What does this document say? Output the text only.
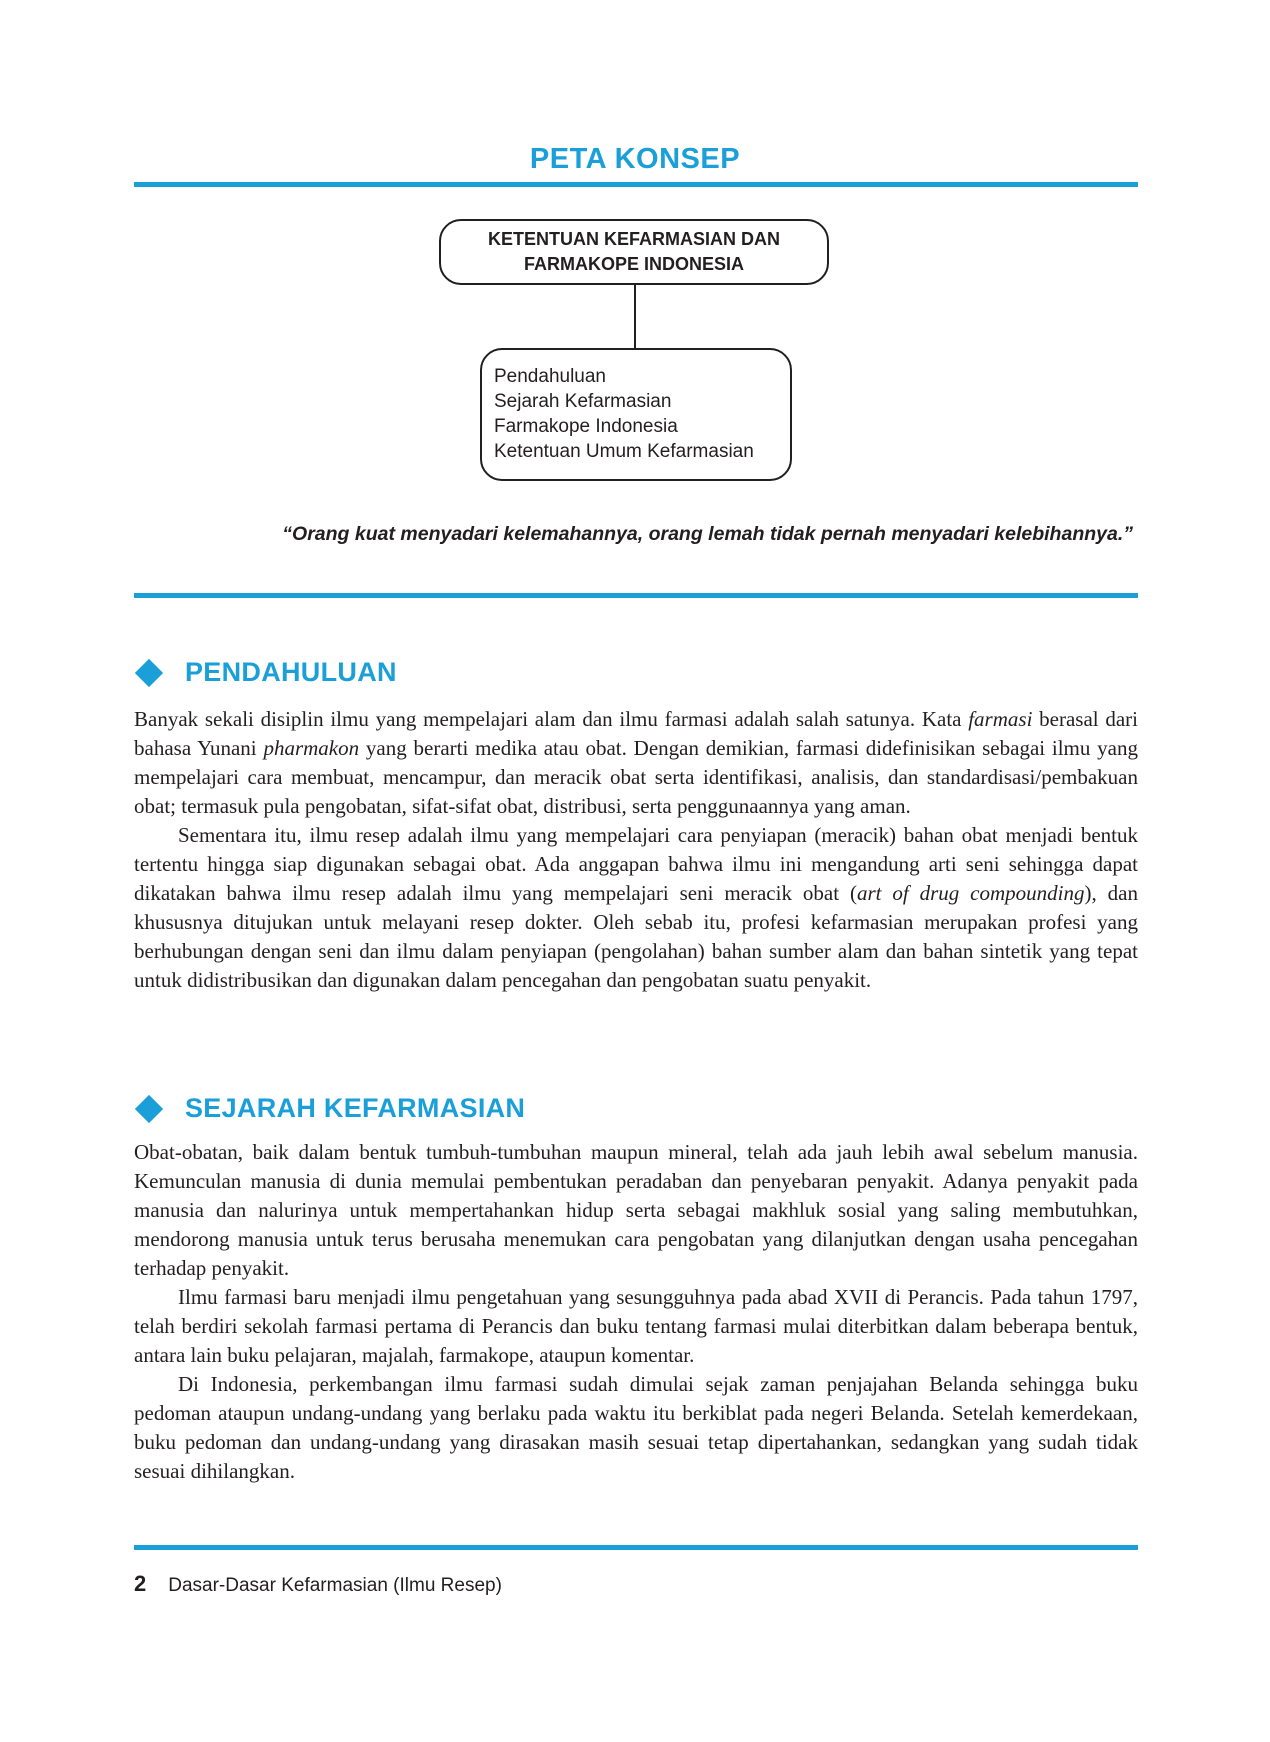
PETA KONSEP
KETENTUAN KEFARMASIAN DAN
FARMAKOPE INDONESIA
Pendahuluan
Sejarah Kefarmasian
Farmakope Indonesia
Ketentuan Umum Kefarmasian
“Orang kuat menyadari kelemahannya, orang lemah tidak pernah menyadari kelebihannya.”
PENDAHULUAN

Banyak sekali disiplin ilmu yang mempelajari alam dan ilmu farmasi adalah salah satunya. Kata farmasi berasal dari bahasa Yunani pharmakon yang berarti medika atau obat. Dengan demikian, farmasi didefinisikan sebagai ilmu yang mempelajari cara membuat, mencampur, dan meracik obat serta identifikasi, analisis, dan standardisasi/pembakuan obat; termasuk pula pengobatan, sifat-sifat obat, distribusi, serta penggunaannya yang aman.

Sementara itu, ilmu resep adalah ilmu yang mempelajari cara penyiapan (meracik) bahan obat menjadi bentuk tertentu hingga siap digunakan sebagai obat. Ada anggapan bahwa ilmu ini mengandung arti seni sehingga dapat dikatakan bahwa ilmu resep adalah ilmu yang mempelajari seni meracik obat (art of drug compounding), dan khususnya ditujukan untuk melayani resep dokter. Oleh sebab itu, profesi kefarmasian merupakan profesi yang berhubungan dengan seni dan ilmu dalam penyiapan (pengolahan) bahan sumber alam dan bahan sintetik yang tepat untuk didistribusikan dan digunakan dalam pencegahan dan pengobatan suatu penyakit.

SEJARAH KEFARMASIAN

Obat-obatan, baik dalam bentuk tumbuh-tumbuhan maupun mineral, telah ada jauh lebih awal sebelum manusia. Kemunculan manusia di dunia memulai pembentukan peradaban dan penyebaran penyakit. Adanya penyakit pada manusia dan nalurinya untuk mempertahankan hidup serta sebagai makhluk sosial yang saling membutuhkan, mendorong manusia untuk terus berusaha menemukan cara pengobatan yang dilanjutkan dengan usaha pencegahan terhadap penyakit.

Ilmu farmasi baru menjadi ilmu pengetahuan yang sesungguhnya pada abad XVII di Perancis. Pada tahun 1797, telah berdiri sekolah farmasi pertama di Perancis dan buku tentang farmasi mulai diterbitkan dalam beberapa bentuk, antara lain buku pelajaran, majalah, farmakope, ataupun komentar.

Di Indonesia, perkembangan ilmu farmasi sudah dimulai sejak zaman penjajahan Belanda sehingga buku pedoman ataupun undang-undang yang berlaku pada waktu itu berkiblat pada negeri Belanda. Setelah kemerdekaan, buku pedoman dan undang-undang yang dirasakan masih sesuai tetap dipertahankan, sedangkan yang sudah tidak sesuai dihilangkan.

2 Dasar-Dasar Kefarmasian (Ilmu Resep)
